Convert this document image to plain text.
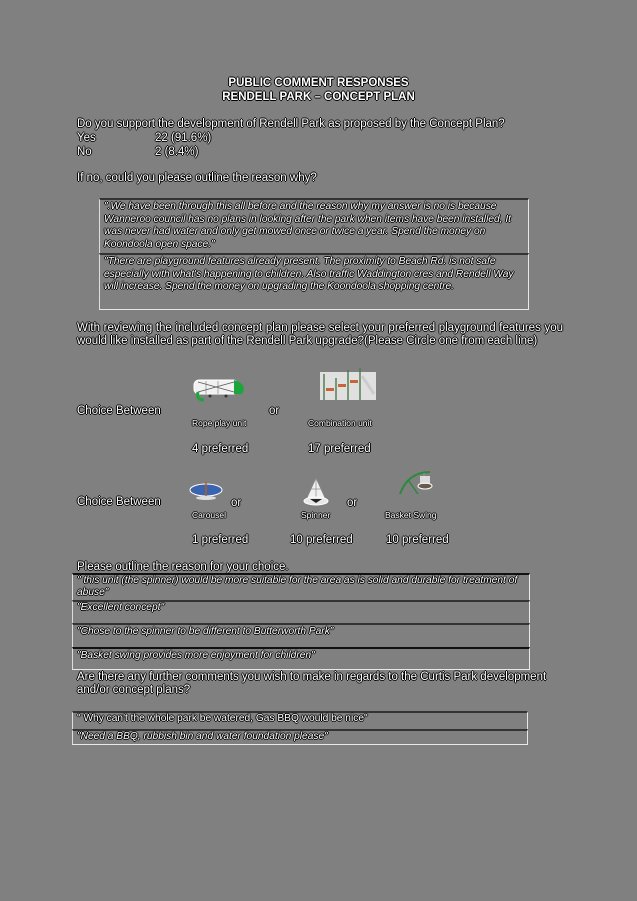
PUBLIC COMMENT RESPONSES
RENDELL PARK – CONCEPT PLAN
Do you support the development of Rendell Park as proposed by the Concept Plan?
Yes	22 (91.6%)
No	2 (8.4%)
If no, could you please outline the reason why?
".We have been through this all before and the reason why my answer is no is because Wanneroo council has no plans in looking after the park when items have been installed, It was never had water and only get mowed once or twice a year. Spend the money on Koondoola open space."
"There are playground features already present. The proximity to Beach Rd. is not safe especially with what's happening to children. Also traffic Waddington cres and Rendell Way will increase. Spend the money on upgrading the Koondoola shopping centre.
With reviewing the included concept plan please select your preferred playground features you would like installed as part of the Rendell Park upgrade?(Please Circle one from each line)
Choice Between
Rope play unit
or
Combination unit
4 preferred	17 preferred
Choice Between	or	or
Carousel	Spinner	Basket Swing
1 preferred	10 preferred	10 preferred
Please outline the reason for your choice.
" this unit (the spinner) would be more suitable for the area as is solid and durable for treatment of abuse"
"Excellent concept"
"Chose to the spinner to be different to Butterworth Park"
"Basket swing provides more enjoyment for children"
Are there any further comments you wish to make in regards to the Curtis Park development and/or concept plans?
" Why can't the whole park be watered, Gas BBQ would be nice"
"Need a BBQ, rubbish bin and water foundation please"
